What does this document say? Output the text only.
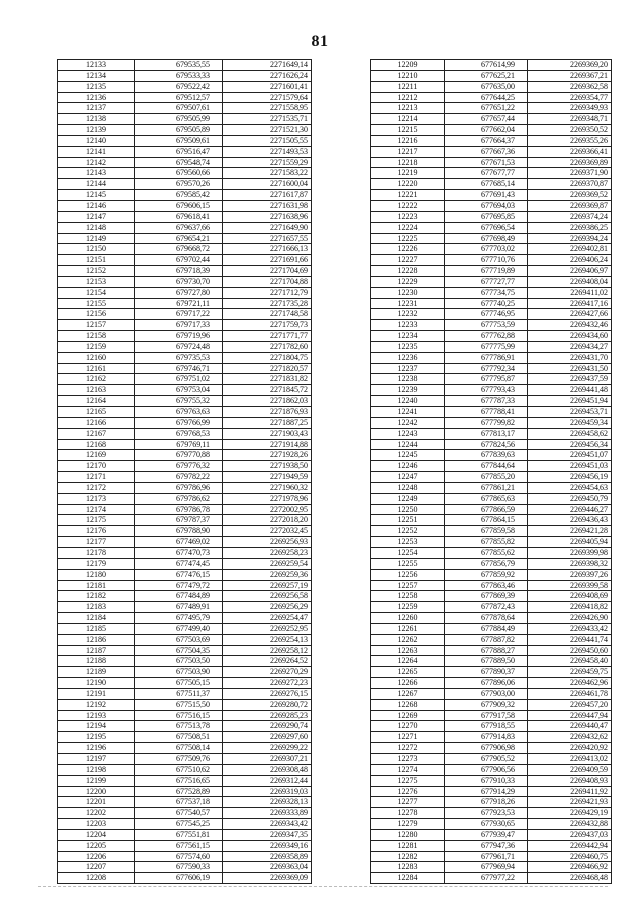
81
12133	679535,55	2271649,14
12134	679533,33	2271626,24
12135	679522,42	2271601,41
12136	679512,57	2271579,64
12137	679507,61	2271558,95
12138	679505,99	2271535,71
12139	679505,89	2271521,30
12140	679509,61	2271505,55
12141	679516,47	2271493,53
12142	679548,74	2271559,29
12143	679560,66	2271583,22
12144	679570,26	2271600,04
12145	679585,42	2271617,87
12146	679606,15	2271631,98
12147	679618,41	2271638,96
12148	679637,66	2271649,90
12149	679654,21	2271657,55
12150	679668,72	2271666,13
12151	679702,44	2271691,66
12152	679718,39	2271704,69
12153	679730,70	2271704,88
12154	679727,80	2271712,79
12155	679721,11	2271735,28
12156	679717,22	2271748,58
12157	679717,33	2271759,73
12158	679719,96	2271771,77
12159	679724,48	2271782,60
12160	679735,53	2271804,75
12161	679746,71	2271820,57
12162	679751,02	2271831,82
12163	679753,04	2271845,72
12164	679755,32	2271862,03
12165	679763,63	2271876,93
12166	679766,99	2271887,25
12167	679768,53	2271903,43
12168	679769,11	2271914,88
12169	679770,88	2271928,26
12170	679776,32	2271938,50
12171	679782,22	2271949,59
12172	679786,96	2271960,32
12173	679786,62	2271978,96
12174	679786,78	2272002,95
12175	679787,37	2272018,20
12176	679788,90	2272032,45
12177	677469,02	2269256,93
12178	677470,73	2269258,23
12179	677474,45	2269259,54
12180	677476,15	2269259,36
12181	677479,72	2269257,19
12182	677484,89	2269256,58
12183	677489,91	2269256,29
12184	677495,79	2269254,47
12185	677499,40	2269252,95
12186	677503,69	2269254,13
12187	677504,35	2269258,12
12188	677503,50	2269264,52
12189	677503,90	2269270,29
12190	677505,15	2269272,23
12191	677511,37	2269276,15
12192	677515,50	2269280,72
12193	677516,15	2269285,23
12194	677513,78	2269290,74
12195	677508,51	2269297,60
12196	677508,14	2269299,22
12197	677509,76	2269307,21
12198	677510,62	2269308,48
12199	677516,65	2269312,44
12200	677528,89	2269319,03
12201	677537,18	2269328,13
12202	677540,57	2269333,89
12203	677545,25	2269343,42
12204	677551,81	2269347,35
12205	677561,15	2269349,16
12206	677574,60	2269358,89
12207	677590,33	2269363,04
12208	677606,19	2269369,09
12209	677614,99	2269369,20
12210	677625,21	2269367,21
12211	677635,00	2269362,58
12212	677644,25	2269354,77
12213	677651,22	2269349,93
12214	677657,44	2269348,71
12215	677662,04	2269350,52
12216	677664,37	2269355,26
12217	677667,36	2269366,41
12218	677671,53	2269369,89
12219	677677,77	2269371,90
12220	677685,14	2269370,87
12221	677691,43	2269369,52
12222	677694,03	2269369,87
12223	677695,85	2269374,24
12224	677696,54	2269386,25
12225	677698,49	2269394,24
12226	677703,02	2269402,81
12227	677710,76	2269406,24
12228	677719,89	2269406,97
12229	677727,77	2269408,04
12230	677734,75	2269411,02
12231	677740,25	2269417,16
12232	677746,95	2269427,66
12233	677753,59	2269432,46
12234	677762,88	2269434,60
12235	677775,99	2269434,27
12236	677786,91	2269431,70
12237	677792,34	2269431,50
12238	677795,87	2269437,59
12239	677793,43	2269441,48
12240	677787,33	2269451,94
12241	677788,41	2269453,71
12242	677799,82	2269459,34
12243	677813,17	2269458,62
12244	677824,56	2269456,34
12245	677839,63	2269451,07
12246	677844,64	2269451,03
12247	677855,20	2269456,19
12248	677861,21	2269454,63
12249	677865,63	2269450,79
12250	677866,59	2269446,27
12251	677864,15	2269436,43
12252	677859,58	2269421,28
12253	677855,82	2269405,94
12254	677855,62	2269399,98
12255	677856,79	2269398,32
12256	677859,92	2269397,26
12257	677863,46	2269399,58
12258	677869,39	2269408,69
12259	677872,43	2269418,82
12260	677878,64	2269426,90
12261	677884,49	2269433,42
12262	677887,82	2269441,74
12263	677888,27	2269450,60
12264	677889,50	2269458,40
12265	677890,37	2269459,75
12266	677896,06	2269462,96
12267	677903,00	2269461,78
12268	677909,32	2269457,20
12269	677917,58	2269447,94
12270	677918,55	2269440,47
12271	677914,83	2269432,62
12272	677906,98	2269420,92
12273	677905,52	2269413,02
12274	677906,56	2269409,59
12275	677910,33	2269408,93
12276	677914,29	2269411,92
12277	677918,26	2269421,93
12278	677923,53	2269429,19
12279	677930,65	2269432,88
12280	677939,47	2269437,03
12281	677947,36	2269442,94
12282	677961,71	2269460,75
12283	677969,94	2269466,92
12284	677977,22	2269468,48
